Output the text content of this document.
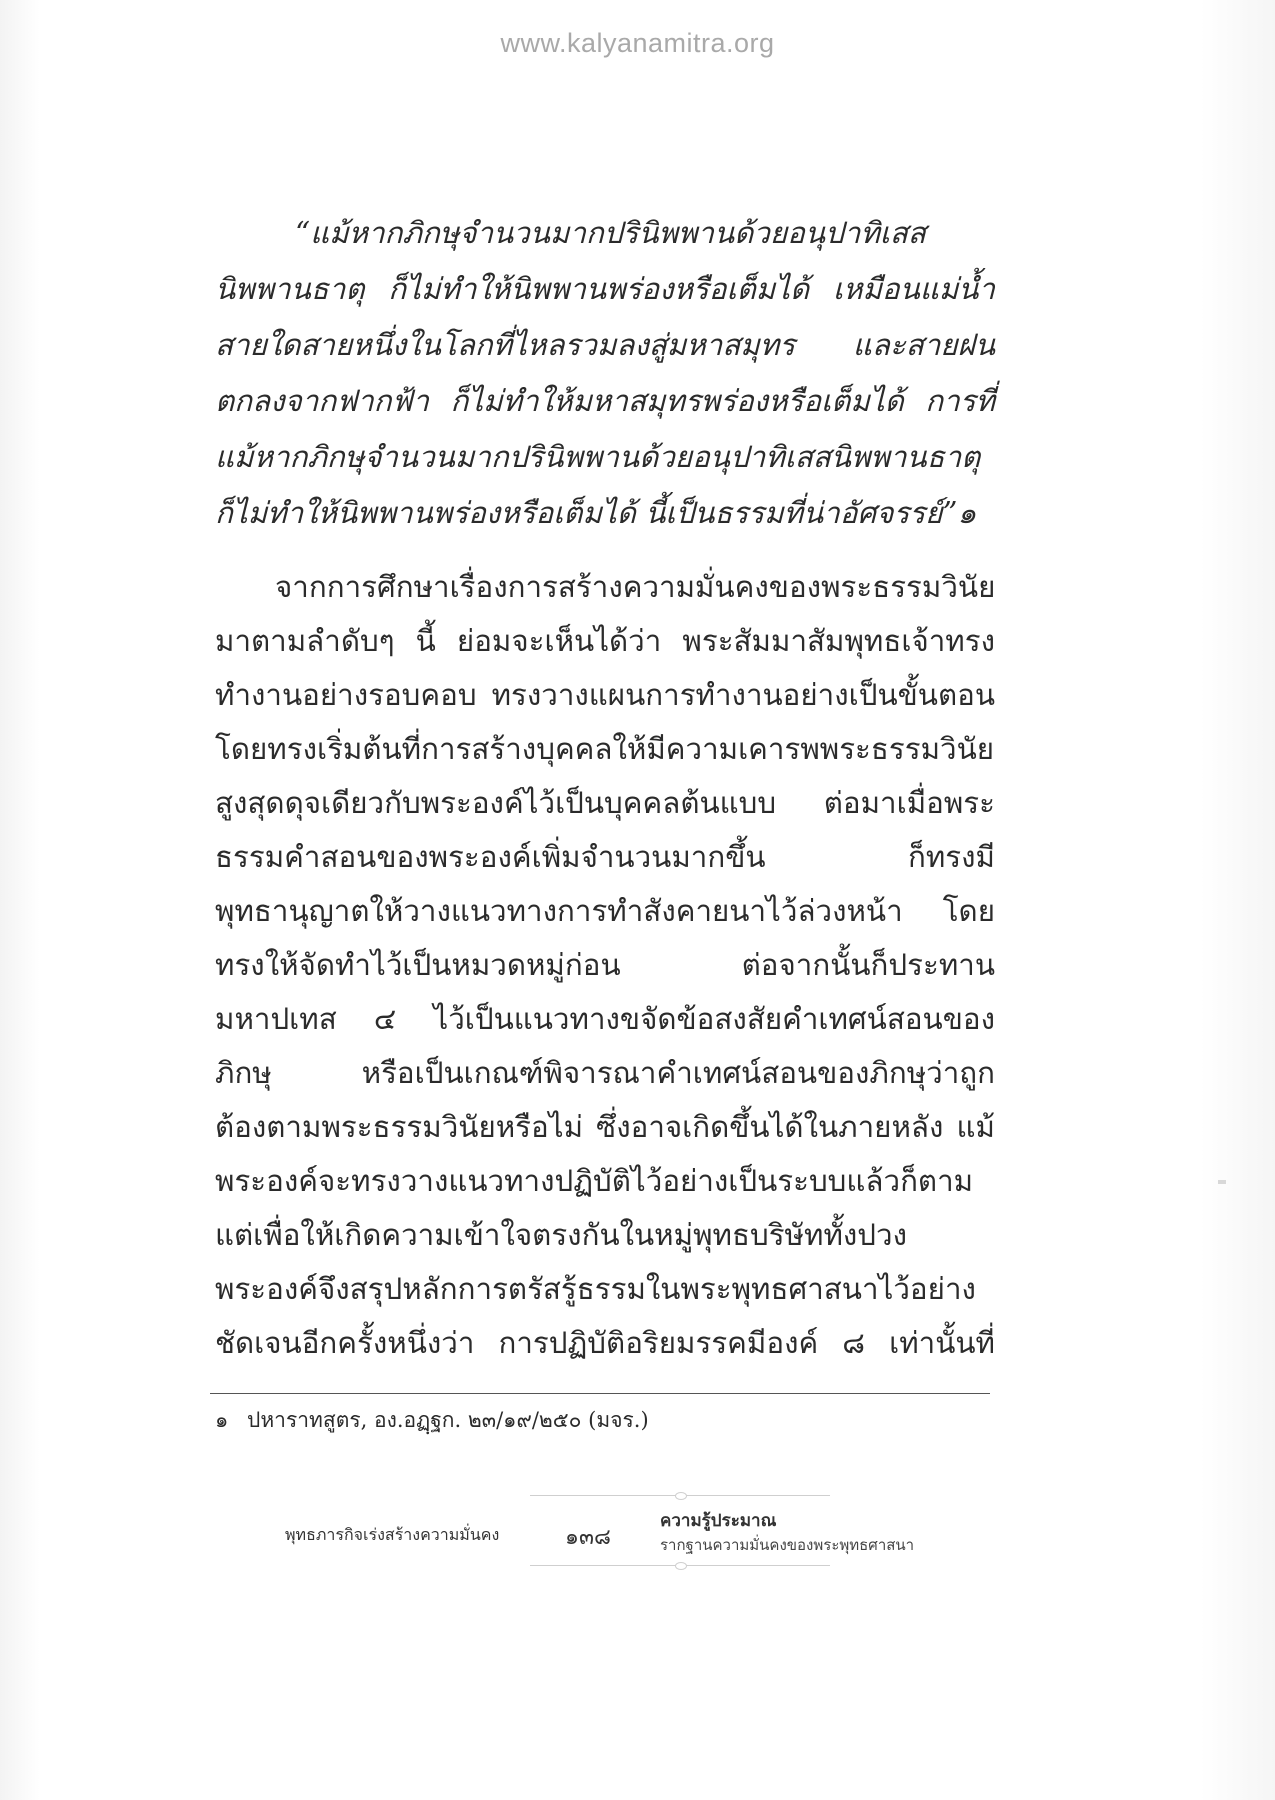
www.kalyanamitra.org
“แม้หากภิกษุจำนวนมากปรินิพพานด้วยอนุปาทิเสส
นิพพานธาตุ ก็ไม่ทำให้นิพพานพร่องหรือเต็มได้ เหมือนแม่น้ำ
สายใดสายหนึ่งในโลกที่ไหลรวมลงสู่มหาสมุทร และสายฝน
ตกลงจากฟากฟ้า ก็ไม่ทำให้มหาสมุทรพร่องหรือเต็มได้ การที่
แม้หากภิกษุจำนวนมากปรินิพพานด้วยอนุปาทิเสสนิพพานธาตุ
ก็ไม่ทำให้นิพพานพร่องหรือเต็มได้ นี้เป็นธรรมที่น่าอัศจรรย์”๑
จากการศึกษาเรื่องการสร้างความมั่นคงของพระธรรมวินัย
มาตามลำดับๆ นี้ ย่อมจะเห็นได้ว่า พระสัมมาสัมพุทธเจ้าทรง
ทำงานอย่างรอบคอบ ทรงวางแผนการทำงานอย่างเป็นขั้นตอน
โดยทรงเริ่มต้นที่การสร้างบุคคลให้มีความเคารพพระธรรมวินัย
สูงสุดดุจเดียวกับพระองค์ไว้เป็นบุคคลต้นแบบ ต่อมาเมื่อพระ
ธรรมคำสอนของพระองค์เพิ่มจำนวนมากขึ้น ก็ทรงมี
พุทธานุญาตให้วางแนวทางการทำสังคายนาไว้ล่วงหน้า โดย
ทรงให้จัดทำไว้เป็นหมวดหมู่ก่อน ต่อจากนั้นก็ประทาน
มหาปเทส ๔ ไว้เป็นแนวทางขจัดข้อสงสัยคำเทศน์สอนของ
ภิกษุ หรือเป็นเกณฑ์พิจารณาคำเทศน์สอนของภิกษุว่าถูก
ต้องตามพระธรรมวินัยหรือไม่ ซึ่งอาจเกิดขึ้นได้ในภายหลัง แม้
พระองค์จะทรงวางแนวทางปฏิบัติไว้อย่างเป็นระบบแล้วก็ตาม
แต่เพื่อให้เกิดความเข้าใจตรงกันในหมู่พุทธบริษัททั้งปวง
พระองค์จึงสรุปหลักการตรัสรู้ธรรมในพระพุทธศาสนาไว้อย่าง
ชัดเจนอีกครั้งหนึ่งว่า การปฏิบัติอริยมรรคมีองค์ ๘ เท่านั้นที่
๑ ปหาราทสูตร, อง.อฏฺฐก. ๒๓/๑๙/๒๕๐ (มจร.)
พุทธภารกิจเร่งสร้างความมั่นคง	๑๓๘
ความรู้ประมาณ
รากฐานความมั่นคงของพระพุทธศาสนา
